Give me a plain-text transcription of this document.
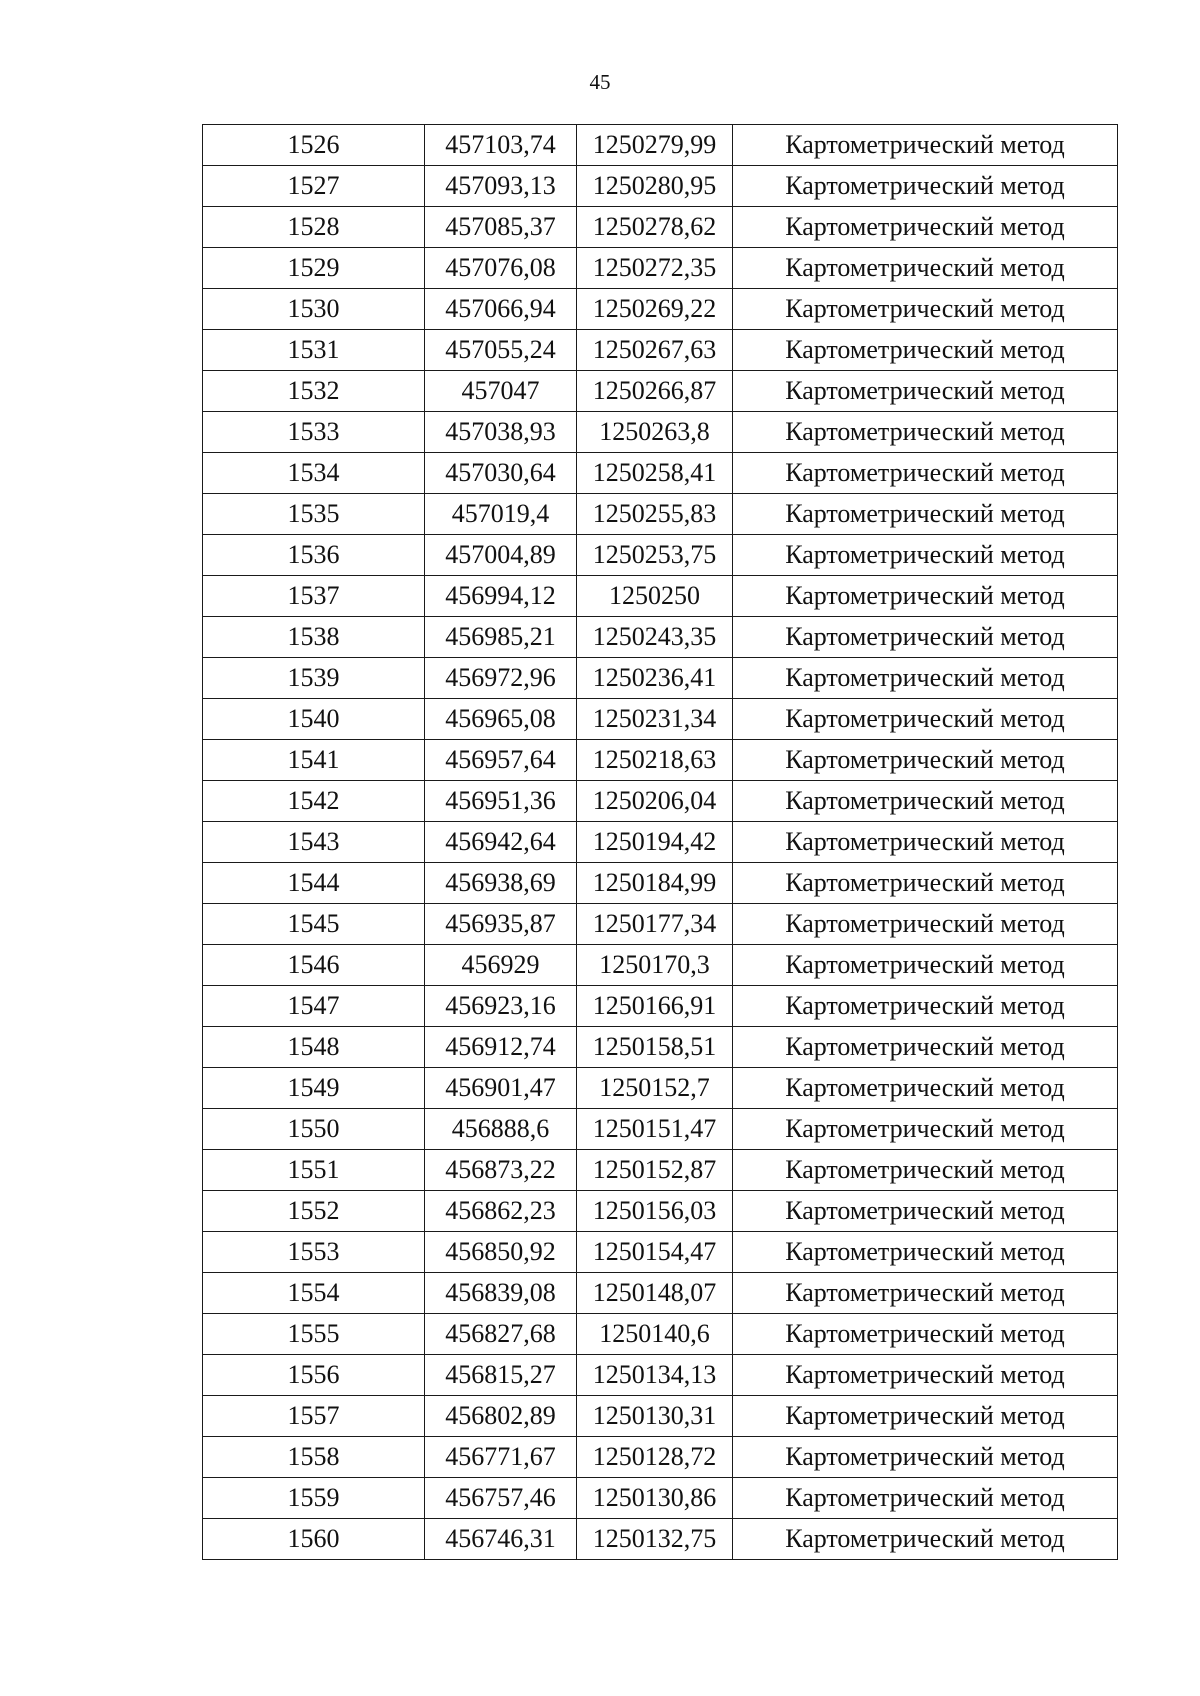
45
1526	457103,74	1250279,99	Картометрический метод
1527	457093,13	1250280,95	Картометрический метод
1528	457085,37	1250278,62	Картометрический метод
1529	457076,08	1250272,35	Картометрический метод
1530	457066,94	1250269,22	Картометрический метод
1531	457055,24	1250267,63	Картометрический метод
1532	457047	1250266,87	Картометрический метод
1533	457038,93	1250263,8	Картометрический метод
1534	457030,64	1250258,41	Картометрический метод
1535	457019,4	1250255,83	Картометрический метод
1536	457004,89	1250253,75	Картометрический метод
1537	456994,12	1250250	Картометрический метод
1538	456985,21	1250243,35	Картометрический метод
1539	456972,96	1250236,41	Картометрический метод
1540	456965,08	1250231,34	Картометрический метод
1541	456957,64	1250218,63	Картометрический метод
1542	456951,36	1250206,04	Картометрический метод
1543	456942,64	1250194,42	Картометрический метод
1544	456938,69	1250184,99	Картометрический метод
1545	456935,87	1250177,34	Картометрический метод
1546	456929	1250170,3	Картометрический метод
1547	456923,16	1250166,91	Картометрический метод
1548	456912,74	1250158,51	Картометрический метод
1549	456901,47	1250152,7	Картометрический метод
1550	456888,6	1250151,47	Картометрический метод
1551	456873,22	1250152,87	Картометрический метод
1552	456862,23	1250156,03	Картометрический метод
1553	456850,92	1250154,47	Картометрический метод
1554	456839,08	1250148,07	Картометрический метод
1555	456827,68	1250140,6	Картометрический метод
1556	456815,27	1250134,13	Картометрический метод
1557	456802,89	1250130,31	Картометрический метод
1558	456771,67	1250128,72	Картометрический метод
1559	456757,46	1250130,86	Картометрический метод
1560	456746,31	1250132,75	Картометрический метод
